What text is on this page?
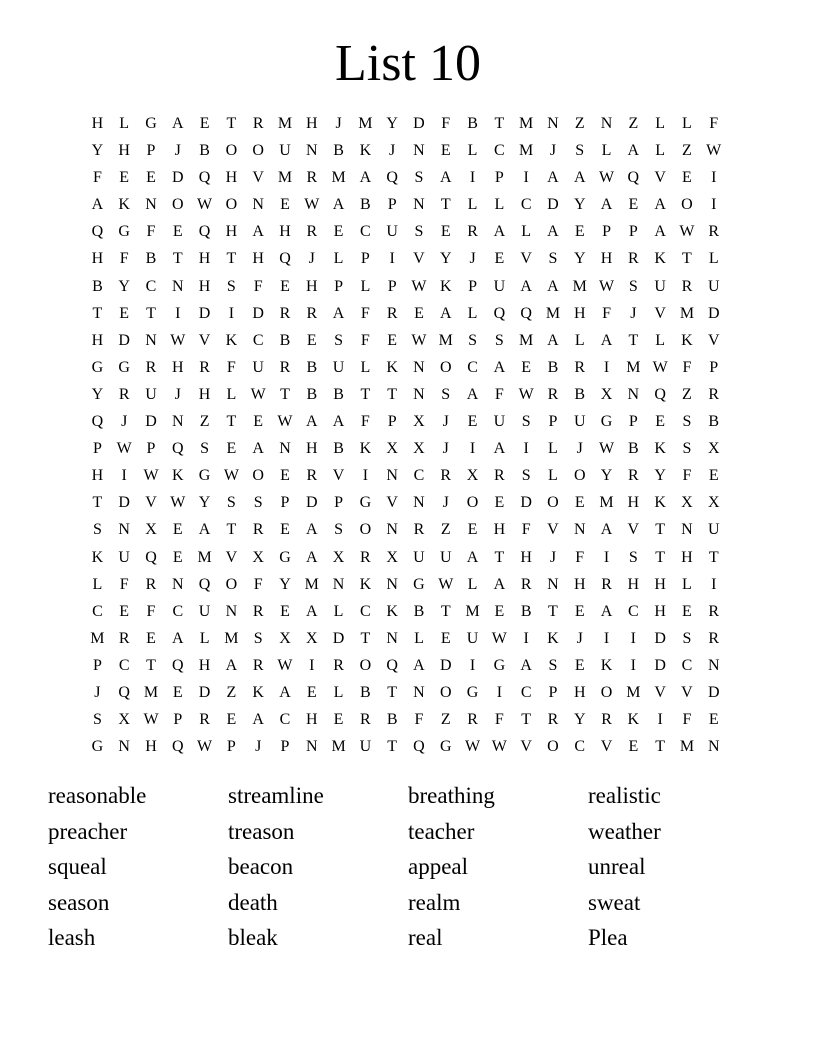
List 10
H	L	G A	E	T	R M H	J	M Y D	F	B	T M N	Z	N	Z	L	L	F
Y H	P	J	B O O U N B K	J	N	E	L	C M	J	S	L	A	L	Z W
F	E	E	D Q H V M R M A Q	S	A	I	P	I	A A W Q V	E	I
A K N O W O N	E W A B	P	N	T	L	L	C D Y A	E	A O	I
Q G	F	E	Q H A H R	E	C U	S	E	R A	L	A	E	P	P	A W R
H	F	B	T	H	T	H Q	J	L	P	I	V Y	J	E	V	S	Y H R K	T	L
B Y C N H	S	F	E	H	P	L	P W K	P	U A A M W S	U R U
T	E	T	I	D	I	D R	R A	F	R	E	A	L	Q Q M H	F	J	V M D
H D N W V K C	B	E	S	F	E W M S	S M A	L	A	T	L	K V
G G R H R	F	U R	B U	L	K N O C A	E	B	R	I	M W F	P
Y R U	J	H	L W T	B	B	T	T	N	S	A	F W R	B X N Q	Z	R
Q	J	D N	Z	T	E W A A	F	P	X	J	E	U	S	P	U G	P	E	S	B
P W P	Q	S	E	A N H B K X X	J	I	A	I	L	J	W B K	S	X
H	I	W K G W O	E	R V	I	N C	R X R	S	L	O Y R Y	F	E
T	D V W Y	S	S	P	D	P	G V N	J	O	E	D O	E M H K X X
S	N X	E	A	T	R	E	A	S	O N R	Z	E	H	F	V N A V	T	N U
K U Q	E M V X G A X R X U U A	T	H	J	F	I	S	T	H	T
L	F	R N Q O	F	Y M N K N G W L	A R N H R H H	L	I
C	E	F	C U N R	E	A	L	C K B	T M E	B	T	E	A C H	E	R
M R	E	A	L M S	X X D	T	N	L	E	U W	I	K	J	I	I	D	S	R
P	C	T	Q H A R W	I	R O Q A D	I	G A	S	E	K	I	D C N
J	Q M E	D	Z	K A	E	L	B	T	N O G	I	C	P	H O M V V D
S	X W P	R	E	A C H	E	R	B	F	Z	R	F	T	R Y R K	I	F	E
G N H Q W P	J	P	N M U	T	Q G W W V O C V	E	T M N
reasonable	streamline	breathing	realistic
preacher	treason	teacher	weather
squeal	beacon	appeal	unreal
season	death	realm	sweat
leash	bleak	real	Plea
